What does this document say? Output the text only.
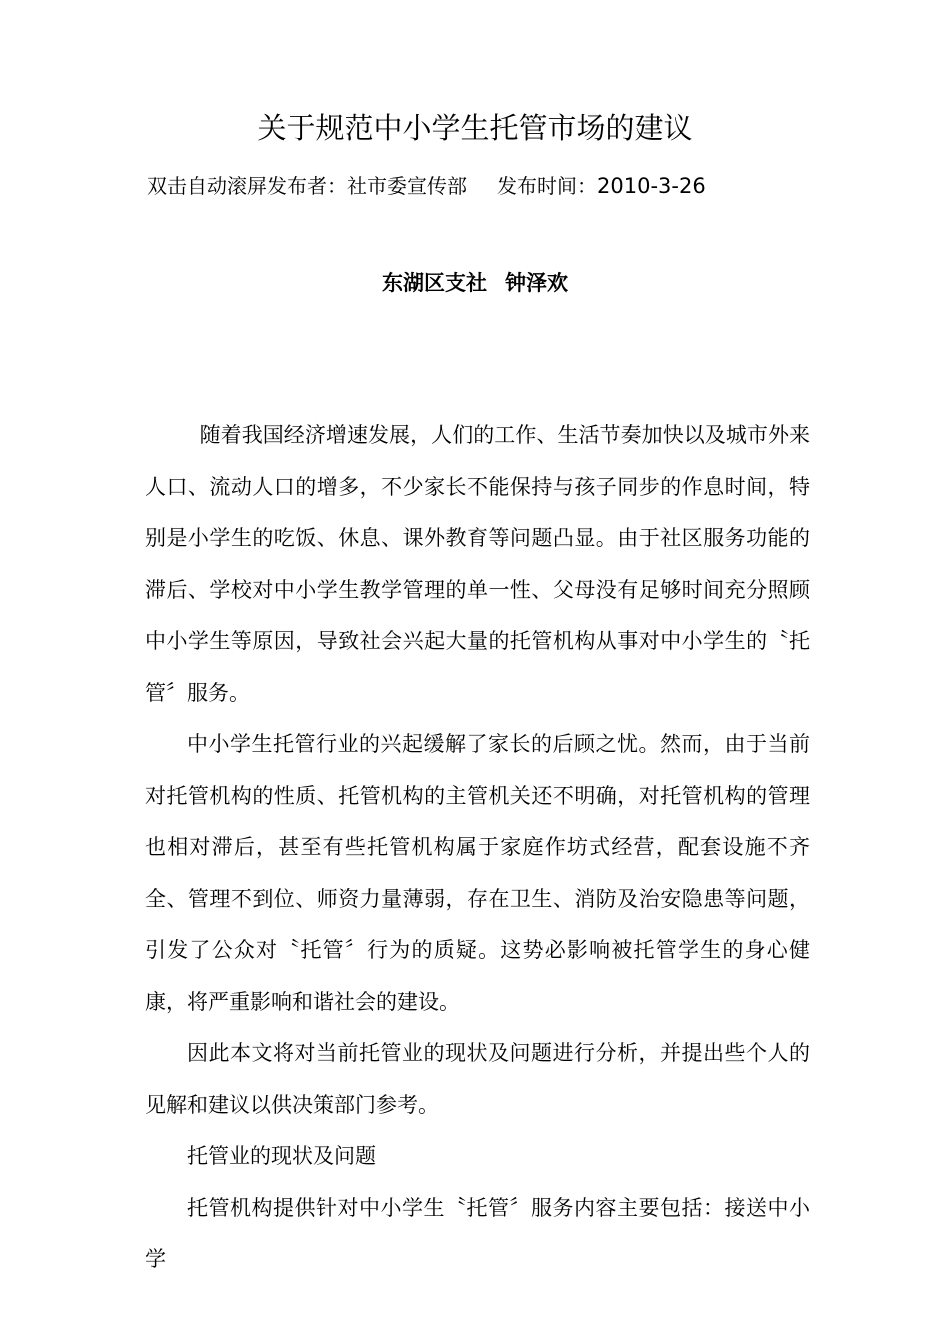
关于规范中小学生托管市场的建议
双击自动滚屏发布者：社市委宣传部 发布时间：2010-3-26
东湖区支社 钟泽欢

随着我国经济增速发展，人们的工作、生活节奏加快以及城市外来人口、流动人口的增多，不少家长不能保持与孩子同步的作息时间，特别是小学生的吃饭、休息、课外教育等问题凸显。由于社区服务功能的滞后、学校对中小学生教学管理的单一性、父母没有足够时间充分照顾中小学生等原因，导致社会兴起大量的托管机构从事对中小学生的〝托管〞服务。

中小学生托管行业的兴起缓解了家长的后顾之忧。然而，由于当前对托管机构的性质、托管机构的主管机关还不明确，对托管机构的管理也相对滞后，甚至有些托管机构属于家庭作坊式经营，配套设施不齐全、管理不到位、师资力量薄弱，存在卫生、消防及治安隐患等问题，引发了公众对〝托管〞行为的质疑。这势必影响被托管学生的身心健康，将严重影响和谐社会的建设。

因此本文将对当前托管业的现状及问题进行分析，并提出些个人的见解和建议以供决策部门参考。

托管业的现状及问题

托管机构提供针对中小学生〝托管〞服务内容主要包括：接送中小学
